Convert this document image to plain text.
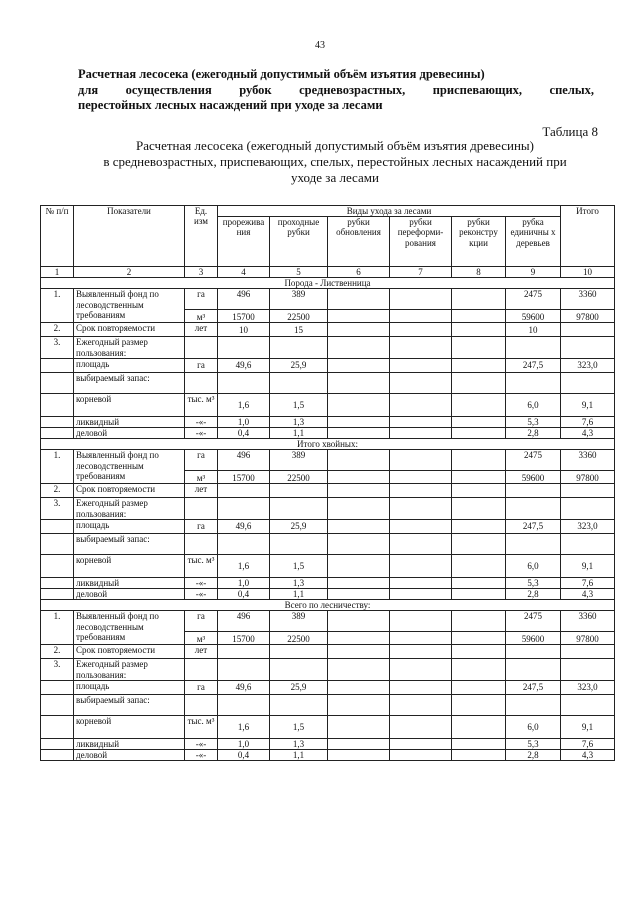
43
Расчетная лесосека (ежегодный допустимый объём изъятия древесины)
для осуществления рубок средневозрастных, приспевающих, спелых,
перестойных лесных насаждений при уходе за лесами
Таблица 8
Расчетная лесосека (ежегодный допустимый объём изъятия древесины)
в средневозрастных, приспевающих, спелых, перестойных лесных насаждений при
уходе за лесами
№ п/п	Показатели	Ед. изм	Виды ухода за лесами						Итого
			прорежива ния	проходные рубки	рубки обновления	рубки переформи- рования	рубки реконстру кции	рубка единичны х деревьев	
1	2	3	4	5	6	7	8	9	10
Порода - Лиственница									
1.	Выявленный фонд по лесоводственным требованиям	га	496	389				2475	3360
		м³	15700	22500				59600	97800
2.	Срок повторяемости	лет	10	15				10	
3.	Ежегодный размер пользования:								
	площадь	га	49,6	25,9				247,5	323,0
	выбираемый запас:								
	корневой	тыс. м³	1,6	1,5				6,0	9,1
	ликвидный	-«-	1,0	1,3				5,3	7,6
	деловой	-«-	0,4	1,1				2,8	4,3
Итого хвойных:									
1.	Выявленный фонд по лесоводственным требованиям	га	496	389				2475	3360
		м³	15700	22500				59600	97800
2.	Срок повторяемости	лет							
3.	Ежегодный размер пользования:								
	площадь	га	49,6	25,9				247,5	323,0
	выбираемый запас:								
	корневой	тыс. м³	1,6	1,5				6,0	9,1
	ликвидный	-«-	1,0	1,3				5,3	7,6
	деловой	-«-	0,4	1,1				2,8	4,3
Всего по лесничеству:									
1.	Выявленный фонд по лесоводственным требованиям	га	496	389				2475	3360
		м³	15700	22500				59600	97800
2.	Срок повторяемости	лет							
3.	Ежегодный размер пользования:								
	площадь	га	49,6	25,9				247,5	323,0
	выбираемый запас:								
	корневой	тыс. м³	1,6	1,5				6,0	9,1
	ликвидный	-«-	1,0	1,3				5,3	7,6
	деловой	-«-	0,4	1,1				2,8	4,3
